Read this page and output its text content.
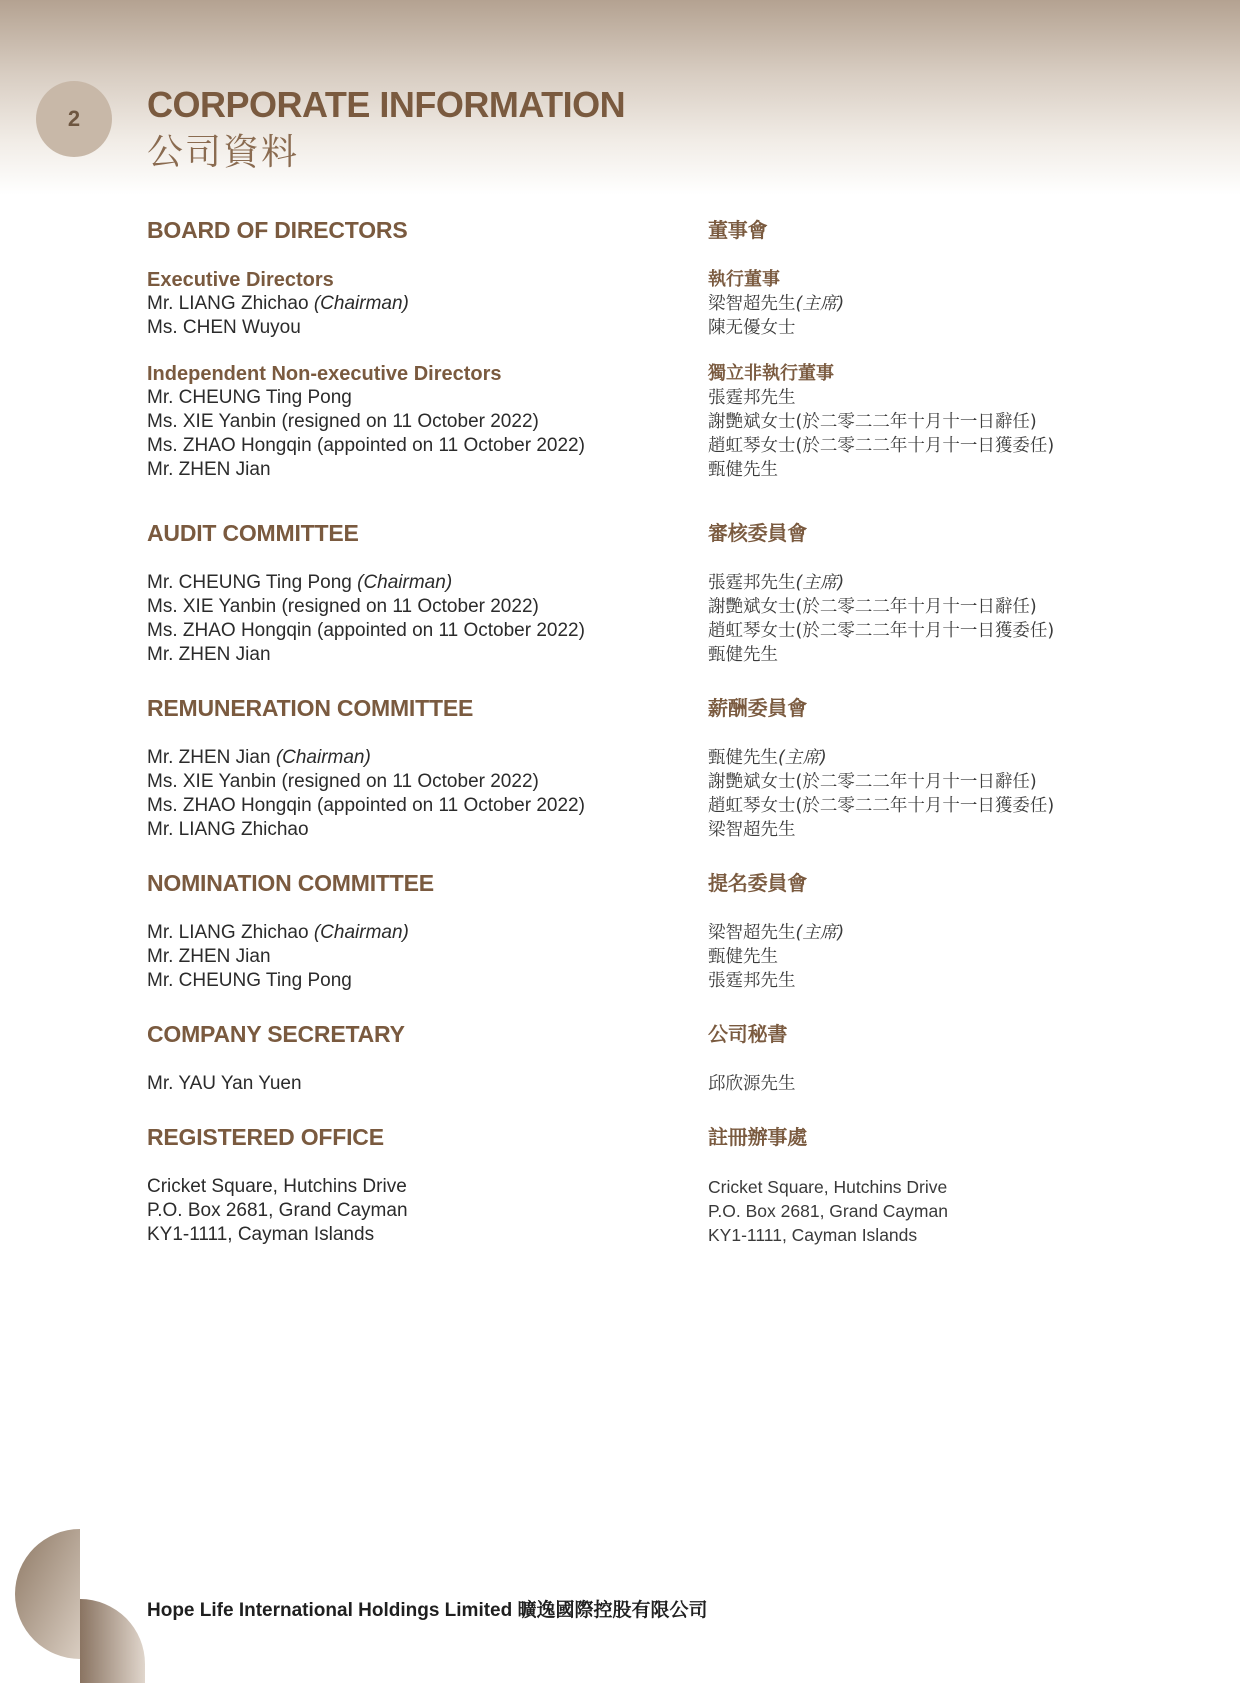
2 CORPORATE INFORMATION
公司資料
BOARD OF DIRECTORS
Executive Directors
Mr. LIANG Zhichao (Chairman)
Ms. CHEN Wuyou
Independent Non-executive Directors
Mr. CHEUNG Ting Pong
Ms. XIE Yanbin (resigned on 11 October 2022)
Ms. ZHAO Hongqin (appointed on 11 October 2022)
Mr. ZHEN Jian
AUDIT COMMITTEE
Mr. CHEUNG Ting Pong (Chairman)
Ms. XIE Yanbin (resigned on 11 October 2022)
Ms. ZHAO Hongqin (appointed on 11 October 2022)
Mr. ZHEN Jian
REMUNERATION COMMITTEE
Mr. ZHEN Jian (Chairman)
Ms. XIE Yanbin (resigned on 11 October 2022)
Ms. ZHAO Hongqin (appointed on 11 October 2022)
Mr. LIANG Zhichao
NOMINATION COMMITTEE
Mr. LIANG Zhichao (Chairman)
Mr. ZHEN Jian
Mr. CHEUNG Ting Pong
COMPANY SECRETARY
Mr. YAU Yan Yuen
REGISTERED OFFICE
Cricket Square, Hutchins Drive
P.O. Box 2681, Grand Cayman
KY1-1111, Cayman Islands
董事會
執行董事
梁智超先生(主席)
陳无優女士
獨立非執行董事
張霆邦先生
謝艷斌女士(於二零二二年十月十一日辭任)
趙虹琴女士(於二零二二年十月十一日獲委任)
甄健先生
審核委員會
張霆邦先生(主席)
謝艷斌女士(於二零二二年十月十一日辭任)
趙虹琴女士(於二零二二年十月十一日獲委任)
甄健先生
薪酬委員會
甄健先生(主席)
謝艷斌女士(於二零二二年十月十一日辭任)
趙虹琴女士(於二零二二年十月十一日獲委任)
梁智超先生
提名委員會
梁智超先生(主席)
甄健先生
張霆邦先生
公司秘書
邱欣源先生
註冊辦事處
Cricket Square, Hutchins Drive
P.O. Box 2681, Grand Cayman
KY1-1111, Cayman Islands
Hope Life International Holdings Limited 曠逸國際控股有限公司
